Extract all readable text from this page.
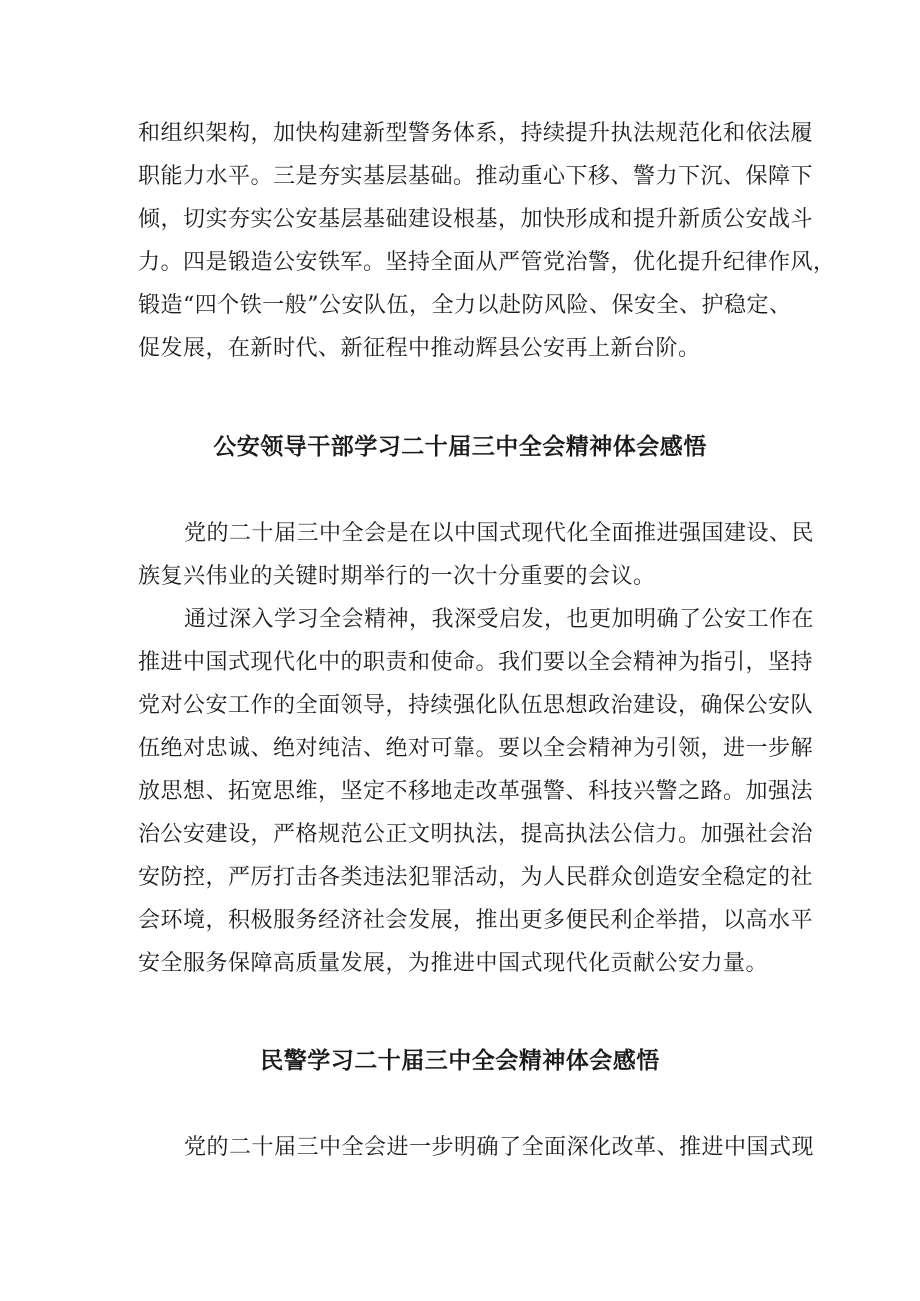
和组织架构，加快构建新型警务体系，持续提升执法规范化和依法履
职能力水平。三是夯实基层基础。推动重心下移、警力下沉、保障下
倾，切实夯实公安基层基础建设根基，加快形成和提升新质公安战斗
力。四是锻造公安铁军。坚持全面从严管党治警，优化提升纪律作风，
锻造“四个铁一般”公安队伍，全力以赴防风险、保安全、护稳定、
促发展，在新时代、新征程中推动辉县公安再上新台阶。
公安领导干部学习二十届三中全会精神体会感悟
党的二十届三中全会是在以中国式现代化全面推进强国建设、民
族复兴伟业的关键时期举行的一次十分重要的会议。
通过深入学习全会精神，我深受启发，也更加明确了公安工作在
推进中国式现代化中的职责和使命。我们要以全会精神为指引，坚持
党对公安工作的全面领导，持续强化队伍思想政治建设，确保公安队
伍绝对忠诚、绝对纯洁、绝对可靠。要以全会精神为引领，进一步解
放思想、拓宽思维，坚定不移地走改革强警、科技兴警之路。加强法
治公安建设，严格规范公正文明执法，提高执法公信力。加强社会治
安防控，严厉打击各类违法犯罪活动，为人民群众创造安全稳定的社
会环境，积极服务经济社会发展，推出更多便民利企举措，以高水平
安全服务保障高质量发展，为推进中国式现代化贡献公安力量。
民警学习二十届三中全会精神体会感悟
党的二十届三中全会进一步明确了全面深化改革、推进中国式现
